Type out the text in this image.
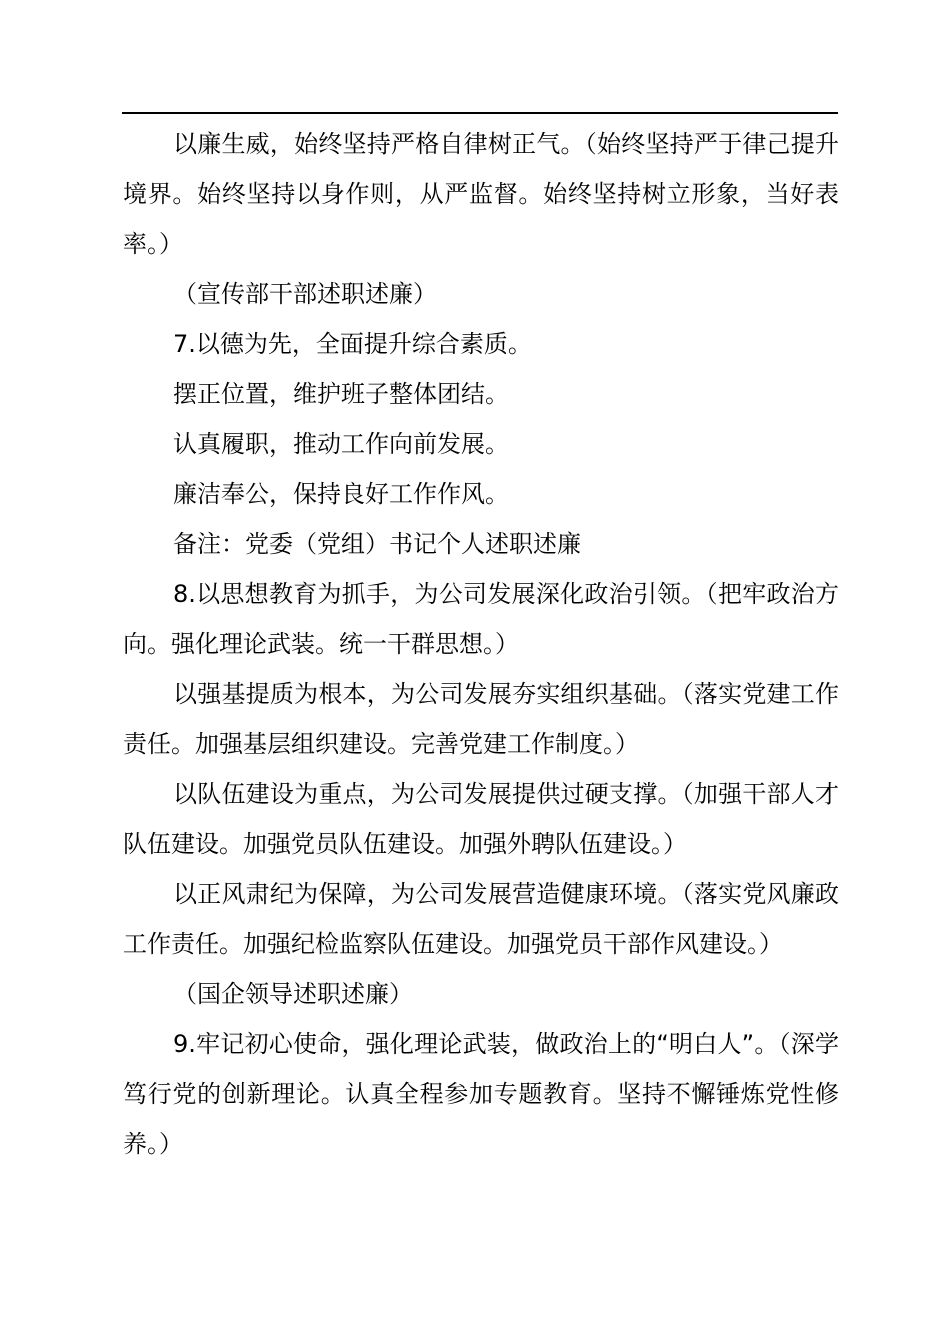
以廉生威，始终坚持严格自律树正气。（始终坚持严于律己提升境界。始终坚持以身作则，从严监督。始终坚持树立形象，当好表率。）

（宣传部干部述职述廉）

7.以德为先，全面提升综合素质。

摆正位置，维护班子整体团结。

认真履职，推动工作向前发展。

廉洁奉公，保持良好工作作风。

备注：党委（党组）书记个人述职述廉

8.以思想教育为抓手，为公司发展深化政治引领。（把牢政治方向。强化理论武装。统一干群思想。）

以强基提质为根本，为公司发展夯实组织基础。（落实党建工作责任。加强基层组织建设。完善党建工作制度。）

以队伍建设为重点，为公司发展提供过硬支撑。（加强干部人才队伍建设。加强党员队伍建设。加强外聘队伍建设。）

以正风肃纪为保障，为公司发展营造健康环境。（落实党风廉政工作责任。加强纪检监察队伍建设。加强党员干部作风建设。）

（国企领导述职述廉）

9.牢记初心使命，强化理论武装，做政治上的“明白人”。（深学笃行党的创新理论。认真全程参加专题教育。坚持不懈锤炼党性修养。）
